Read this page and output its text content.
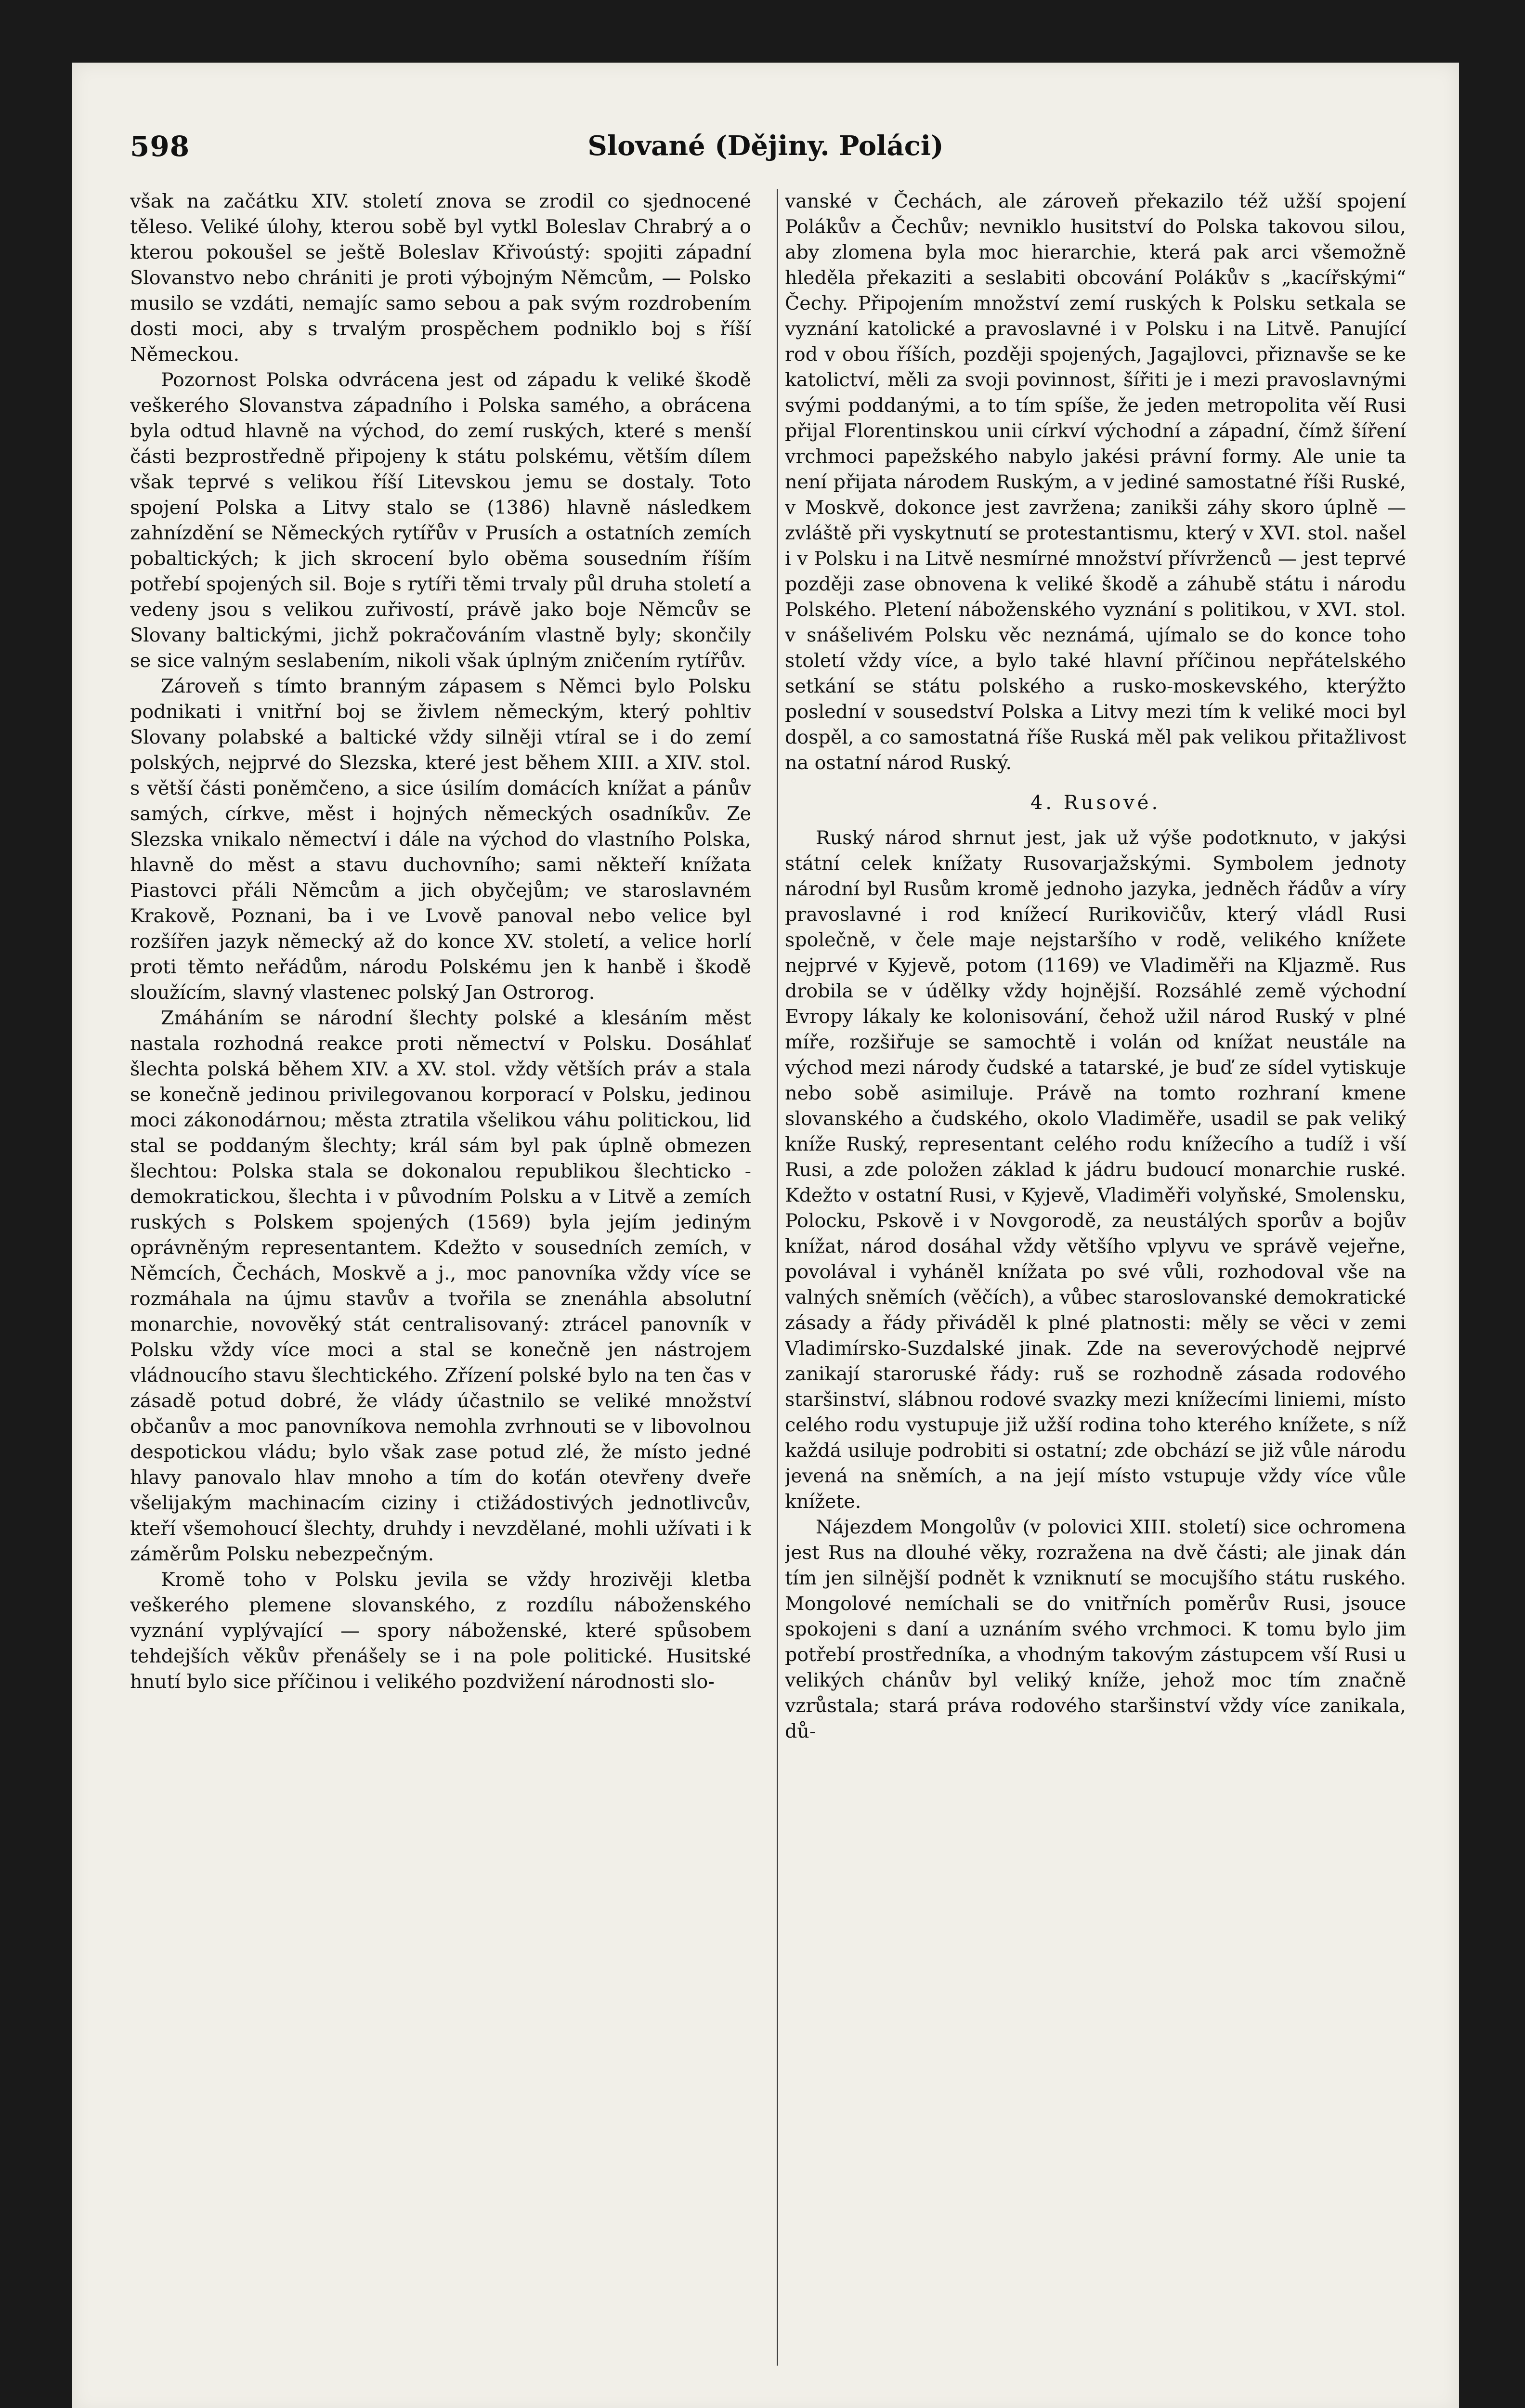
598	Slované (Dějiny. Poláci)

však na začátku XIV. století znova se zrodil co sjednocené těleso. Veliké úlohy, kterou sobě byl vytkl Boleslav Chrabrý a o kterou pokoušel se ještě Boleslav Křivoústý: spojiti západní Slovanstvo nebo chrániti je proti výbojným Němcům, — Polsko musilo se vzdáti, nemajíc samo sebou a pak svým rozdrobením dosti moci, aby s trvalým prospěchem podniklo boj s říší Německou.

Pozornost Polska odvrácena jest od západu k veliké škodě veškerého Slovanstva západního i Polska samého, a obrácena byla odtud hlavně na východ, do zemí ruských, které s menší části bezprostředně připojeny k státu polskému, větším dílem však teprvé s velikou říší Litevskou jemu se dostaly. Toto spojení Polska a Litvy stalo se (1386) hlavně následkem zahnízdění se Německých rytířův v Prusích a ostatních zemích pobaltických; k jich skrocení bylo oběma sousedním říším potřebí spojených sil. Boje s rytíři těmi trvaly půl druha století a vedeny jsou s velikou zuřivostí, právě jako boje Němcův se Slovany baltickými, jichž pokračováním vlastně byly; skončily se sice valným seslabením, nikoli však úplným zničením rytířův.

Zároveň s tímto branným zápasem s Němci bylo Polsku podnikati i vnitřní boj se živlem německým, který pohltiv Slovany polabské a baltické vždy silněji vtíral se i do zemí polských, nejprvé do Slezska, které jest během XIII. a XIV. stol. s větší části poněmčeno, a sice úsilím domácích knížat a pánův samých, církve, měst i hojných německých osadníkův. Ze Slezska vnikalo němectví i dále na východ do vlastního Polska, hlavně do měst a stavu duchovního; sami někteří knížata Piastovci přáli Němcům a jich obyčejům; ve staroslavném Krakově, Poznani, ba i ve Lvově panoval nebo velice byl rozšířen jazyk německý až do konce XV. století, a velice horlí proti těmto neřádům, národu Polskému jen k hanbě i škodě sloužícím, slavný vlastenec polský Jan Ostrorog.

Zmáháním se národní šlechty polské a klesáním měst nastala rozhodná reakce proti němectví v Polsku. Dosáhlať šlechta polská během XIV. a XV. stol. vždy větších práv a stala se konečně jedinou privilegovanou korporací v Polsku, jedinou moci zákonodárnou; města ztratila všelikou váhu politickou, lid stal se poddaným šlechty; král sám byl pak úplně obmezen šlechtou: Polska stala se dokonalou republikou šlechticko - demokratickou, šlechta i v původním Polsku a v Litvě a zemích ruských s Polskem spojených (1569) byla jejím jediným oprávněným representantem. Kdežto v sousedních zemích, v Němcích, Čechách, Moskvě a j., moc panovníka vždy více se rozmáhala na újmu stavův a tvořila se znenáhla absolutní monarchie, novověký stát centralisovaný: ztrácel panovník v Polsku vždy více moci a stal se konečně jen nástrojem vládnoucího stavu šlechtického. Zřízení polské bylo na ten čas v zásadě potud dobré, že vlády účastnilo se veliké množství občanův a moc panovníkova nemohla zvrhnouti se v libovolnou despotickou vládu; bylo však zase potud zlé, že místo jedné hlavy panovalo hlav mnoho a tím do koťán otevřeny dveře všelijakým machinacím ciziny i ctižádostivých jednotlivcův, kteří všemohoucí šlechty, druhdy i nevzdělané, mohli užívati i k záměrům Polsku nebezpečným.

Kromě toho v Polsku jevila se vždy hrozivěji kletba veškerého plemene slovanského, z rozdílu náboženského vyznání vyplývající — spory náboženské, které spůsobem tehdejších věkův přenášely se i na pole politické. Husitské hnutí bylo sice příčinou i velikého pozdvižení národnosti slo-

vanské v Čechách, ale zároveň překazilo též užší spojení Polákův a Čechův; nevniklo husitství do Polska takovou silou, aby zlomena byla moc hierarchie, která pak arci všemožně hleděla překaziti a seslabiti obcování Polákův s „kacířskými“ Čechy. Připojením množství zemí ruských k Polsku setkala se vyznání katolické a pravoslavné i v Polsku i na Litvě. Panující rod v obou říších, později spojených, Jagajlovci, přiznavše se ke katolictví, měli za svoji povinnost, šířiti je i mezi pravoslavnými svými poddanými, a to tím spíše, že jeden metropolita věí Rusi přijal Florentinskou unii církví východní a západní, čímž šíření vrchmoci papežského nabylo jakési právní formy. Ale unie ta není přijata národem Ruským, a v jediné samostatné říši Ruské, v Moskvě, dokonce jest zavržena; zanikši záhy skoro úplně — zvláště při vyskytnutí se protestantismu, který v XVI. stol. našel i v Polsku i na Litvě nesmírné množství přívrženců — jest teprvé později zase obnovena k veliké škodě a záhubě státu i národu Polského. Pletení náboženského vyznání s politikou, v XVI. stol. v snášelivém Polsku věc neznámá, ujímalo se do konce toho století vždy více, a bylo také hlavní příčinou nepřátelského setkání se státu polského a rusko-moskevského, kterýžto poslední v sousedství Polska a Litvy mezi tím k veliké moci byl dospěl, a co samostatná říše Ruská měl pak velikou přitažlivost na ostatní národ Ruský.

4. Rusové.

Ruský národ shrnut jest, jak už výše podotknuto, v jakýsi státní celek knížaty Rusovarjažskými. Symbolem jednoty národní byl Rusům kromě jednoho jazyka, jedněch řádův a víry pravoslavné i rod knížecí Rurikovičův, který vládl Rusi společně, v čele maje nejstaršího v rodě, velikého knížete nejprvé v Kyjevě, potom (1169) ve Vladiměři na Kljazmě. Rus drobila se v údělky vždy hojnější. Rozsáhlé země východní Evropy lákaly ke kolonisování, čehož užil národ Ruský v plné míře, rozšiřuje se samochtě i volán od knížat neustále na východ mezi národy čudské a tatarské, je buď ze sídel vytiskuje nebo sobě asimiluje. Právě na tomto rozhraní kmene slovanského a čudského, okolo Vladiměře, usadil se pak veliký kníže Ruský, representant celého rodu knížecího a tudíž i vší Rusi, a zde položen základ k jádru budoucí monarchie ruské. Kdežto v ostatní Rusi, v Kyjevě, Vladiměři volyňské, Smolensku, Polocku, Pskově i v Novgorodě, za neustálých sporův a bojův knížat, národ dosáhal vždy většího vplyvu ve správě vejeřne, povolával i vyháněl knížata po své vůli, rozhodoval vše na valných sněmích (věčích), a vůbec staroslovanské demokratické zásady a řády přiváděl k plné platnosti: měly se věci v zemi Vladimírsko-Suzdalské jinak. Zde na severovýchodě nejprvé zanikají staroruské řády: ruš se rozhodně zásada rodového staršinství, slábnou rodové svazky mezi knížecími liniemi, místo celého rodu vystupuje již užší rodina toho kterého knížete, s níž každá usiluje podrobiti si ostatní; zde obchází se již vůle národu jevená na sněmích, a na její místo vstupuje vždy více vůle knížete.

Nájezdem Mongolův (v polovici XIII. století) sice ochromena jest Rus na dlouhé věky, rozražena na dvě části; ale jinak dán tím jen silnější podnět k vzniknutí se mocujšího státu ruského. Mongolové nemíchali se do vnitřních poměrův Rusi, jsouce spokojeni s daní a uznáním svého vrchmoci. K tomu bylo jim potřebí prostředníka, a vhodným takovým zástupcem vší Rusi u velikých chánův byl veliký kníže, jehož moc tím značně vzrůstala; stará práva rodového staršinství vždy více zanikala, dů-
